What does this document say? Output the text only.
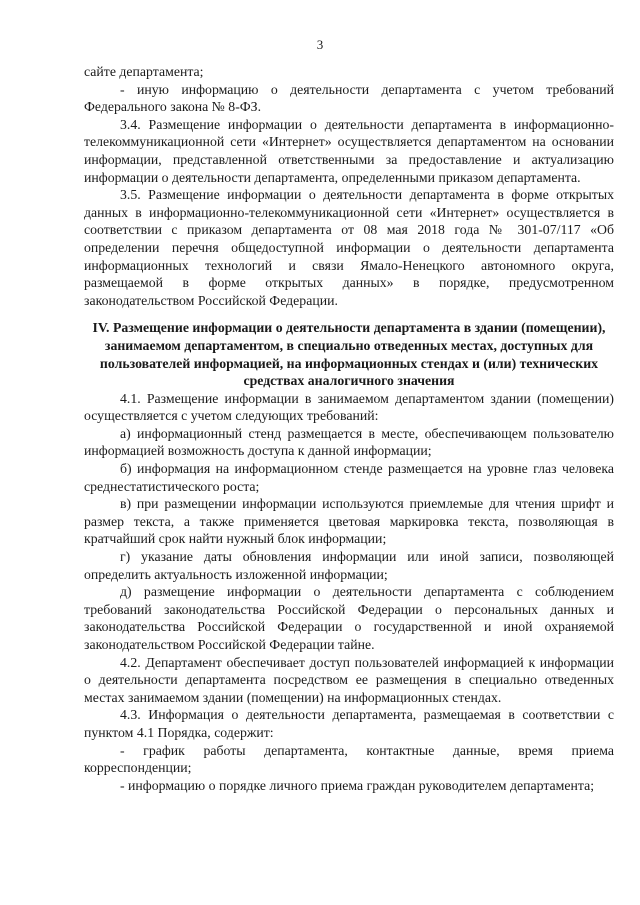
3

сайте департамента;

- иную информацию о деятельности департамента с учетом требований Федерального закона № 8-ФЗ.

3.4. Размещение информации о деятельности департамента в информационно-телекоммуникационной сети «Интернет» осуществляется департаментом на основании информации, представленной ответственными за предоставление и актуализацию информации о деятельности департамента, определенными приказом департамента.

3.5. Размещение информации о деятельности департамента в форме открытых данных в информационно-телекоммуникационной сети «Интернет» осуществляется в соответствии с приказом департамента от 08 мая 2018 года № 301-07/117 «Об определении перечня общедоступной информации о деятельности департамента информационных технологий и связи Ямало-Ненецкого автономного округа, размещаемой в форме открытых данных» в порядке, предусмотренном законодательством Российской Федерации.

IV. Размещение информации о деятельности департамента в здании (помещении), занимаемом департаментом, в специально отведенных местах, доступных для пользователей информацией, на информационных стендах и (или) технических средствах аналогичного значения

4.1. Размещение информации в занимаемом департаментом здании (помещении) осуществляется с учетом следующих требований:

а) информационный стенд размещается в месте, обеспечивающем пользователю информацией возможность доступа к данной информации;

б) информация на информационном стенде размещается на уровне глаз человека среднестатистического роста;

в) при размещении информации используются приемлемые для чтения шрифт и размер текста, а также применяется цветовая маркировка текста, позволяющая в кратчайший срок найти нужный блок информации;

г) указание даты обновления информации или иной записи, позволяющей определить актуальность изложенной информации;

д) размещение информации о деятельности департамента с соблюдением требований законодательства Российской Федерации о персональных данных и законодательства Российской Федерации о государственной и иной охраняемой законодательством Российской Федерации тайне.

4.2. Департамент обеспечивает доступ пользователей информацией к информации о деятельности департамента посредством ее размещения в специально отведенных местах занимаемом здании (помещении) на информационных стендах.

4.3. Информация о деятельности департамента, размещаемая в соответствии с пунктом 4.1 Порядка, содержит:

- график работы департамента, контактные данные, время приема корреспонденции;

- информацию о порядке личного приема граждан руководителем департамента;
